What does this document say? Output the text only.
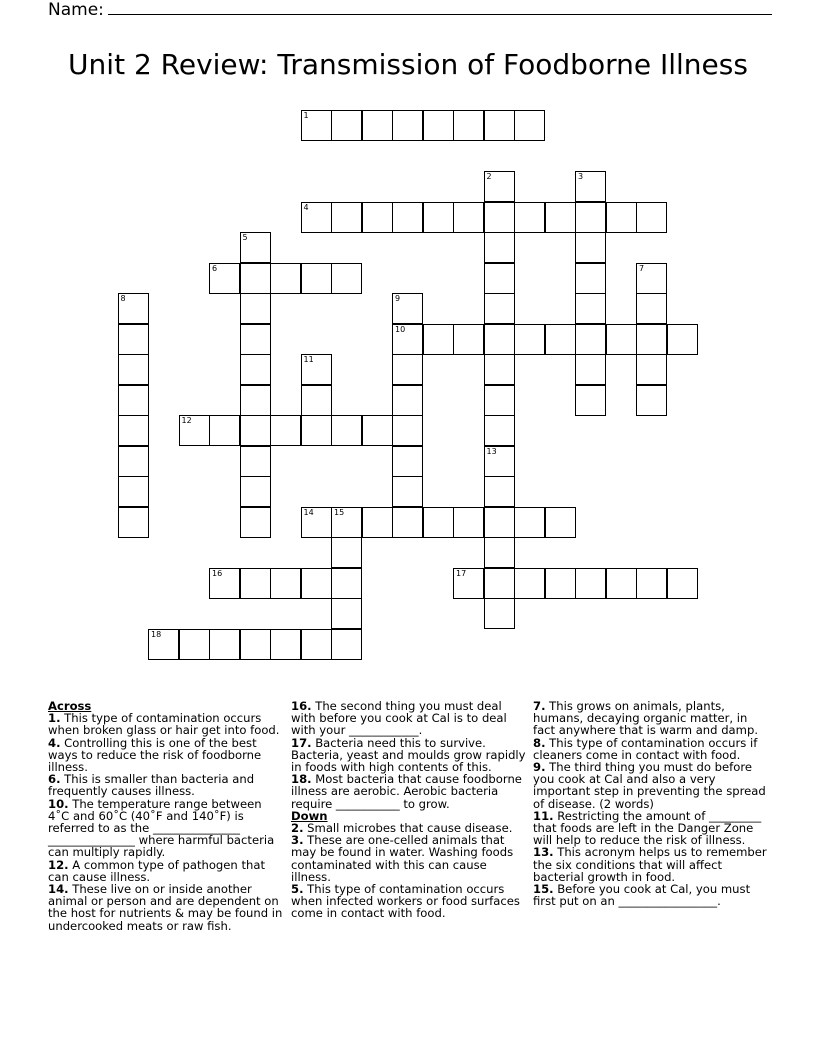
Name:
Unit 2 Review: Transmission of Foodborne Illness
1
2	3
4
5
6	7
8	9
10
11
12
13
14	15
16	17
18

Across

1. This type of contamination occurs when broken glass or hair get into food.

4. Controlling this is one of the best ways to reduce the risk of foodborne illness.

6. This is smaller than bacteria and frequently causes illness.

10. The temperature range between 4˚C and 60˚C (40˚F and 140˚F) is referred to as the _______________ _______________ where harmful bacteria can multiply rapidly.

12. A common type of pathogen that can cause illness.

14. These live on or inside another animal or person and are dependent on the host for nutrients & may be found in undercooked meats or raw fish.

16. The second thing you must deal with before you cook at Cal is to deal with your ____________.

17. Bacteria need this to survive. Bacteria, yeast and moulds grow rapidly in foods with high contents of this.

18. Most bacteria that cause foodborne illness are aerobic. Aerobic bacteria require ___________ to grow.

Down

2. Small microbes that cause disease.

3. These are one-celled animals that may be found in water. Washing foods contaminated with this can cause illness.

5. This type of contamination occurs when infected workers or food surfaces come in contact with food.

7. This grows on animals, plants, humans, decaying organic matter, in fact anywhere that is warm and damp.

8. This type of contamination occurs if cleaners come in contact with food.

9. The third thing you must do before you cook at Cal and also a very important step in preventing the spread of disease. (2 words)

11. Restricting the amount of _________ that foods are left in the Danger Zone will help to reduce the risk of illness.

13. This acronym helps us to remember the six conditions that will affect bacterial growth in food.

15. Before you cook at Cal, you must first put on an _________________.
